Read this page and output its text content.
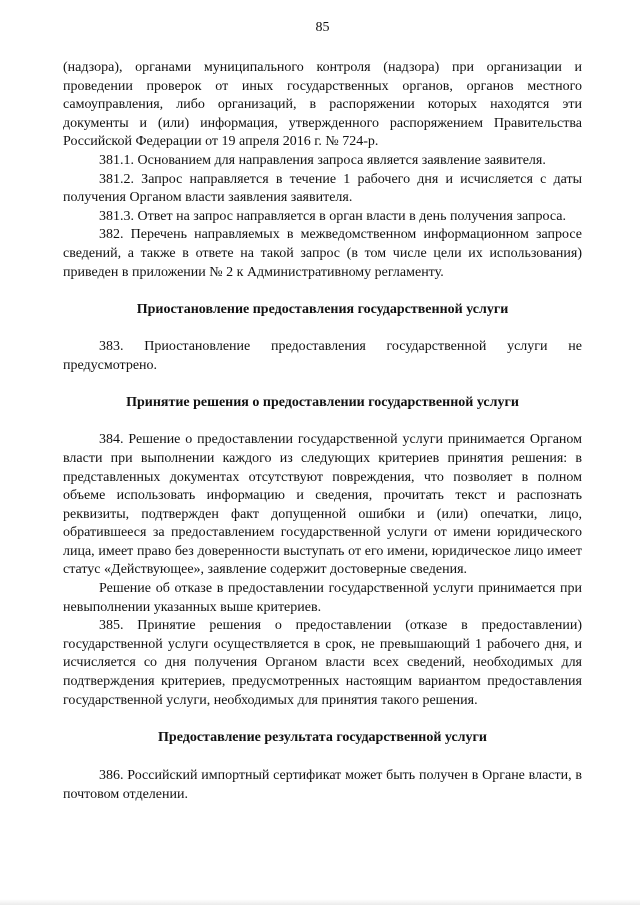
85

(надзора), органами муниципального контроля (надзора) при организации и проведении проверок от иных государственных органов, органов местного самоуправления, либо организаций, в распоряжении которых находятся эти документы и (или) информация, утвержденного распоряжением Правительства Российской Федерации от 19 апреля 2016 г. № 724-р.

381.1. Основанием для направления запроса является заявление заявителя.

381.2. Запрос направляется в течение 1 рабочего дня и исчисляется с даты получения Органом власти заявления заявителя.

381.3. Ответ на запрос направляется в орган власти в день получения запроса.

382. Перечень направляемых в межведомственном информационном запросе сведений, а также в ответе на такой запрос (в том числе цели их использования) приведен в приложении № 2 к Административному регламенту.

Приостановление предоставления государственной услуги

383. Приостановление предоставления государственной услуги не предусмотрено.

Принятие решения о предоставлении государственной услуги

384. Решение о предоставлении государственной услуги принимается Органом власти при выполнении каждого из следующих критериев принятия решения: в представленных документах отсутствуют повреждения, что позволяет в полном объеме использовать информацию и сведения, прочитать текст и распознать реквизиты, подтвержден факт допущенной ошибки и (или) опечатки, лицо, обратившееся за предоставлением государственной услуги от имени юридического лица, имеет право без доверенности выступать от его имени, юридическое лицо имеет статус «Действующее», заявление содержит достоверные сведения.

Решение об отказе в предоставлении государственной услуги принимается при невыполнении указанных выше критериев.

385. Принятие решения о предоставлении (отказе в предоставлении) государственной услуги осуществляется в срок, не превышающий 1 рабочего дня, и исчисляется со дня получения Органом власти всех сведений, необходимых для подтверждения критериев, предусмотренных настоящим вариантом предоставления государственной услуги, необходимых для принятия такого решения.

Предоставление результата государственной услуги

386. Российский импортный сертификат может быть получен в Органе власти, в почтовом отделении.
